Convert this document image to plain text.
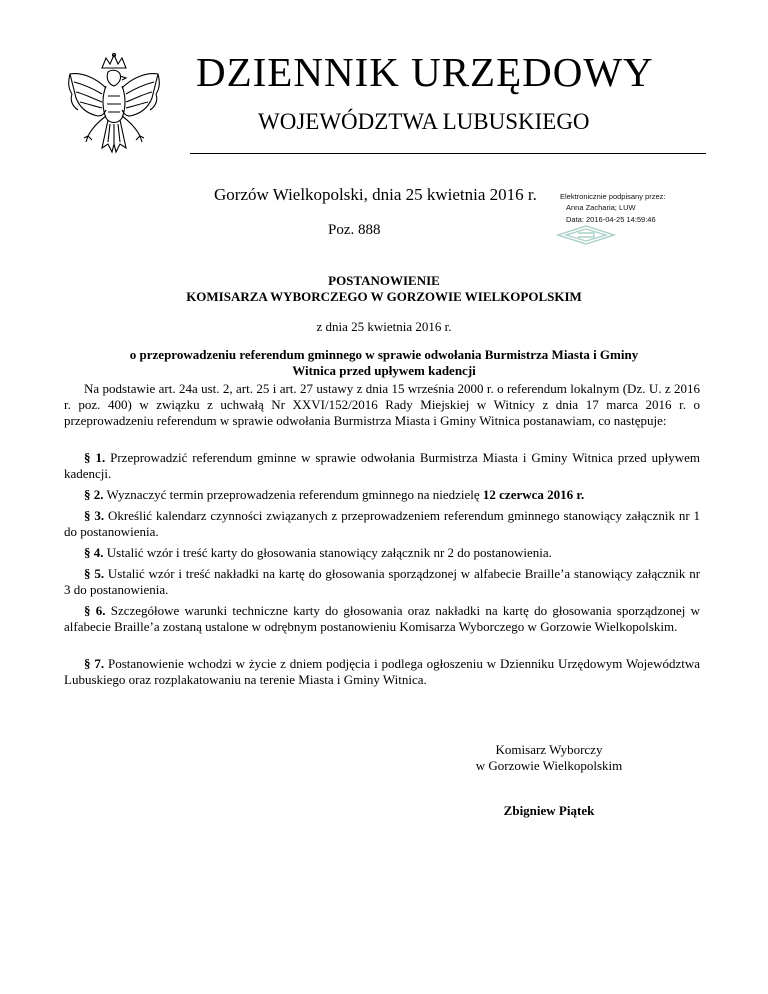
DZIENNIK URZĘDOWY
WOJEWÓDZTWA LUBUSKIEGO
Gorzów Wielkopolski, dnia 25 kwietnia 2016 r.	Elektronicznie podpisany przez:
Anna Zacharia; LUW
Data: 2016-04-25 14:59:46
Poz. 888
POSTANOWIENIE
KOMISARZA WYBORCZEGO W GORZOWIE WIELKOPOLSKIM
z dnia 25 kwietnia 2016 r.
o przeprowadzeniu referendum gminnego w sprawie odwołania Burmistrza Miasta i Gminy
Witnica przed upływem kadencji
Na podstawie art. 24a ust. 2, art. 25 i art. 27 ustawy z dnia 15 września 2000 r. o referendum lokalnym (Dz. U. z 2016 r. poz. 400) w związku z uchwałą Nr XXVI/152/2016 Rady Miejskiej w Witnicy z dnia 17 marca 2016 r. o przeprowadzeniu referendum w sprawie odwołania Burmistrza Miasta i Gminy Witnica postanawiam, co następuje:
§ 1. Przeprowadzić referendum gminne w sprawie odwołania Burmistrza Miasta i Gminy Witnica przed upływem kadencji.
§ 2. Wyznaczyć termin przeprowadzenia referendum gminnego na niedzielę 12 czerwca 2016 r.
§ 3. Określić kalendarz czynności związanych z przeprowadzeniem referendum gminnego stanowiący załącznik nr 1 do postanowienia.
§ 4. Ustalić wzór i treść karty do głosowania stanowiący załącznik nr 2 do postanowienia.
§ 5. Ustalić wzór i treść nakładki na kartę do głosowania sporządzonej w alfabecie Braille’a stanowiący załącznik nr 3 do postanowienia.
§ 6. Szczegółowe warunki techniczne karty do głosowania oraz nakładki na kartę do głosowania sporządzonej w alfabecie Braille’a zostaną ustalone w odrębnym postanowieniu Komisarza Wyborczego w Gorzowie Wielkopolskim.
§ 7. Postanowienie wchodzi w życie z dniem podjęcia i podlega ogłoszeniu w Dzienniku Urzędowym Województwa Lubuskiego oraz rozplakatowaniu na terenie Miasta i Gminy Witnica.
Komisarz Wyborczy
w Gorzowie Wielkopolskim
Zbigniew Piątek
